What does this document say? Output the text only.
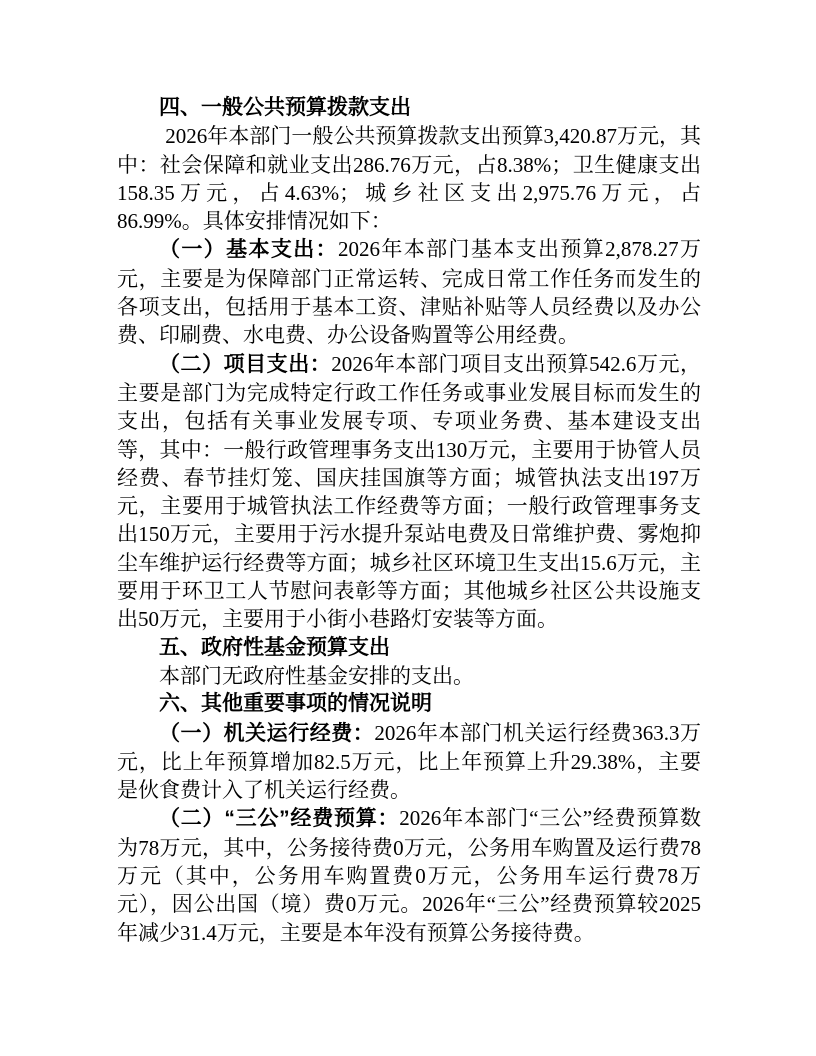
四、一般公共预算拨款支出

2026年本部门一般公共预算拨款支出预算3,420.87万元，其中：社会保障和就业支出286.76万元，占8.38%；卫生健康支出158.35万元，占4.63%；城乡社区支出2,975.76万元，占86.99%。具体安排情况如下：

（一）基本支出：2026年本部门基本支出预算2,878.27万元，主要是为保障部门正常运转、完成日常工作任务而发生的各项支出，包括用于基本工资、津贴补贴等人员经费以及办公费、印刷费、水电费、办公设备购置等公用经费。

（二）项目支出：2026年本部门项目支出预算542.6万元，主要是部门为完成特定行政工作任务或事业发展目标而发生的支出，包括有关事业发展专项、专项业务费、基本建设支出等，其中：一般行政管理事务支出130万元，主要用于协管人员经费、春节挂灯笼、国庆挂国旗等方面；城管执法支出197万元，主要用于城管执法工作经费等方面；一般行政管理事务支出150万元，主要用于污水提升泵站电费及日常维护费、雾炮抑尘车维护运行经费等方面；城乡社区环境卫生支出15.6万元，主要用于环卫工人节慰问表彰等方面；其他城乡社区公共设施支出50万元，主要用于小街小巷路灯安装等方面。

五、政府性基金预算支出

本部门无政府性基金安排的支出。

六、其他重要事项的情况说明

（一）机关运行经费：2026年本部门机关运行经费363.3万元，比上年预算增加82.5万元，比上年预算上升29.38%，主要是伙食费计入了机关运行经费。

（二）“三公”经费预算：2026年本部门“三公”经费预算数为78万元，其中，公务接待费0万元，公务用车购置及运行费78万元（其中，公务用车购置费0万元，公务用车运行费78万元），因公出国（境）费0万元。2026年“三公”经费预算较2025年减少31.4万元，主要是本年没有预算公务接待费。
